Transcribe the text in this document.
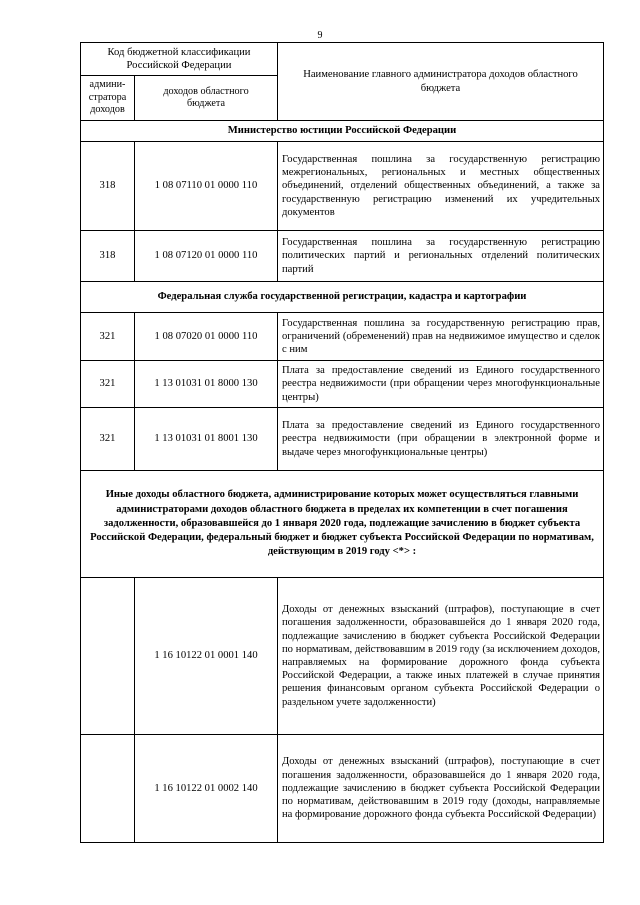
9
Код бюджетной классификации Российской Федерации		Наименование главного администратора доходов областного бюджета
админи-стратора доходов	доходов областного бюджета	
Министерство юстиции Российской Федерации		
318	1 08 07110 01 0000 110	Государственная пошлина за государственную регистрацию межрегиональных, региональных и местных общественных объединений, отделений общественных объединений, а также за государственную регистрацию изменений их учредительных документов
318	1 08 07120 01 0000 110	Государственная пошлина за государственную регистрацию политических партий и региональных отделений политических партий
Федеральная служба государственной регистрации, кадастра и картографии		
321	1 08 07020 01 0000 110	Государственная пошлина за государственную регистрацию прав, ограничений (обременений) прав на недвижимое имущество и сделок с ним
321	1 13 01031 01 8000 130	Плата за предоставление сведений из Единого государственного реестра недвижимости (при обращении через многофункциональные центры)
321	1 13 01031 01 8001 130	Плата за предоставление сведений из Единого государственного реестра недвижимости (при обращении в электронной форме и выдаче через многофункциональные центры)
Иные доходы областного бюджета, администрирование которых может осуществляться главными администраторами доходов областного бюджета в пределах их компетенции в счет погашения задолженности, образовавшейся до 1 января 2020 года, подлежащие зачислению в бюджет субъекта Российской Федерации, федеральный бюджет и бюджет субъекта Российской Федерации по нормативам, действующим в 2019 году <*> :		
	1 16 10122 01 0001 140	Доходы от денежных взысканий (штрафов), поступающие в счет погашения задолженности, образовавшейся до 1 января 2020 года, подлежащие зачислению в бюджет субъекта Российской Федерации по нормативам, действовавшим в 2019 году (за исключением доходов, направляемых на формирование дорожного фонда субъекта Российской Федерации, а также иных платежей в случае принятия решения финансовым органом субъекта Российской Федерации о раздельном учете задолженности)
	1 16 10122 01 0002 140	Доходы от денежных взысканий (штрафов), поступающие в счет погашения задолженности, образовавшейся до 1 января 2020 года, подлежащие зачислению в бюджет субъекта Российской Федерации по нормативам, действовавшим в 2019 году (доходы, направляемые на формирование дорожного фонда субъекта Российской Федерации)
